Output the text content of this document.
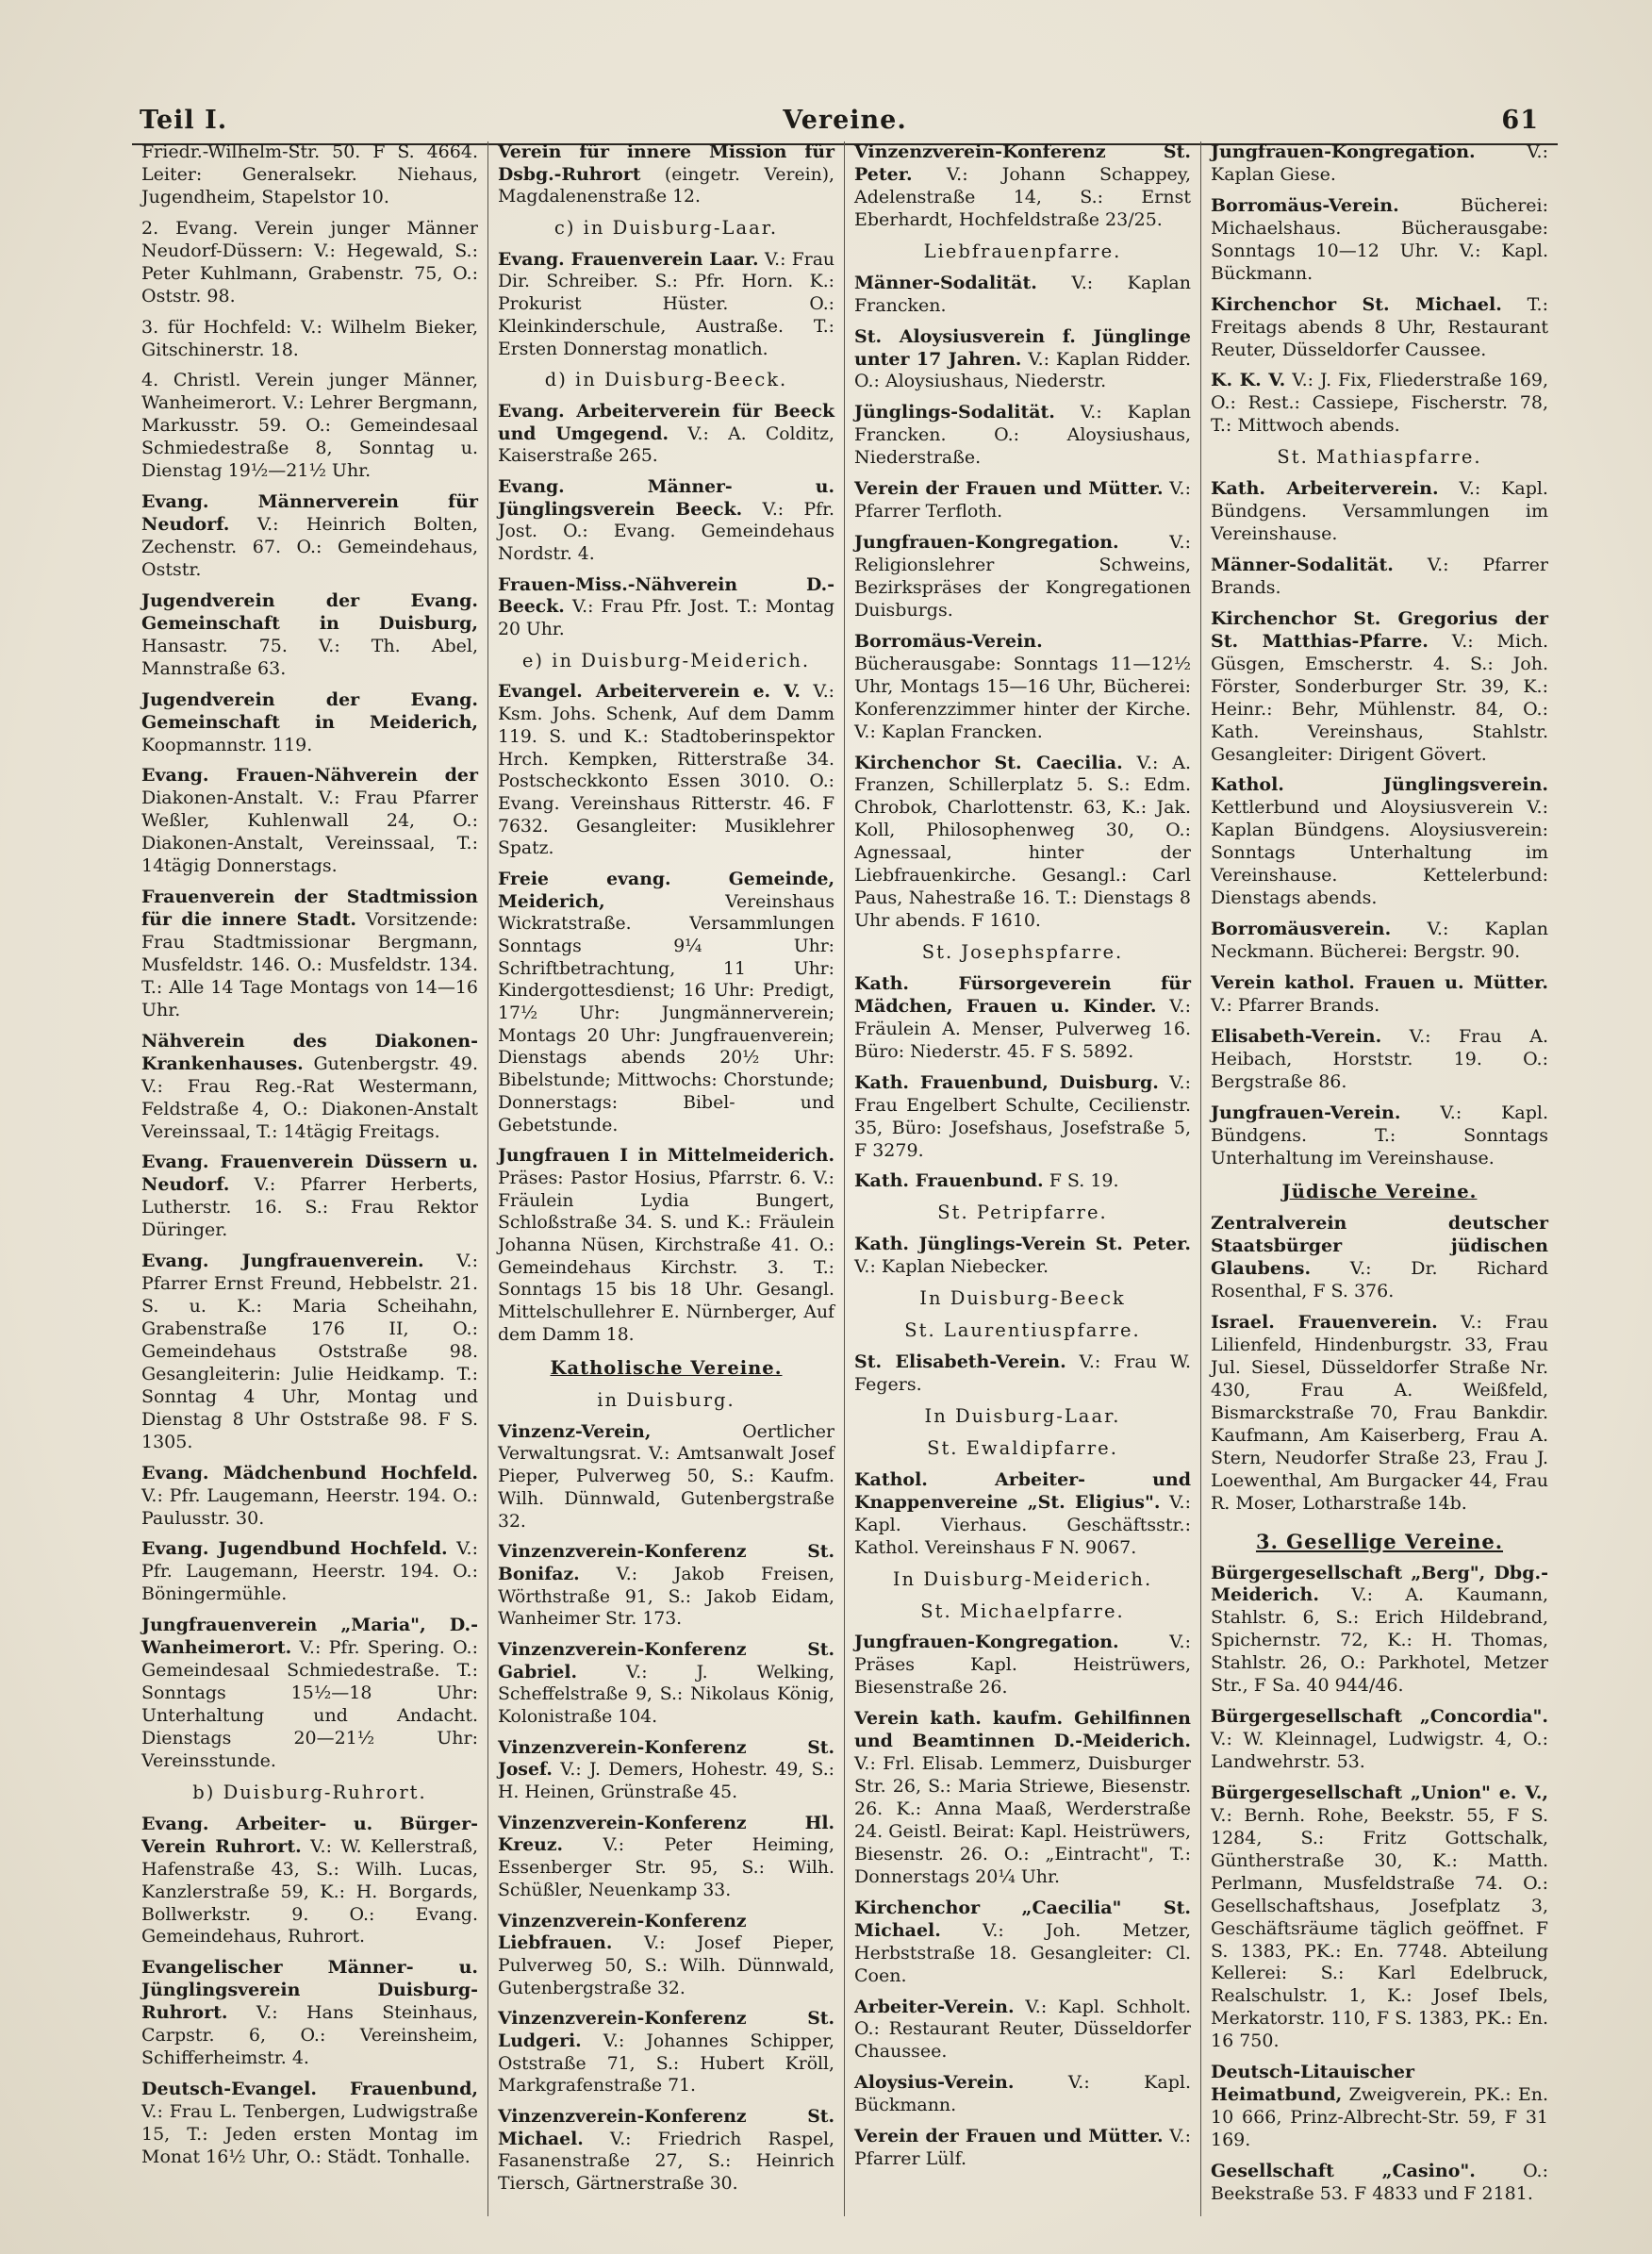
Teil I.	Vereine.	61

Friedr.-Wilhelm-Str. 50. F S. 4664. Leiter: Generalsekr. Niehaus, Jugendheim, Stapelstor 10.

2. Evang. Verein junger Männer Neudorf-Düssern: V.: Hegewald, S.: Peter Kuhlmann, Grabenstr. 75, O.: Oststr. 98.

3. für Hochfeld: V.: Wilhelm Bieker, Gitschinerstr. 18.

4. Christl. Verein junger Männer, Wanheimerort. V.: Lehrer Bergmann, Markusstr. 59. O.: Gemeindesaal Schmiedestraße 8, Sonntag u. Dienstag 19½—21½ Uhr.

Evang. Männerverein für Neudorf. V.: Heinrich Bolten, Zechenstr. 67. O.: Gemeindehaus, Oststr.

Jugendverein der Evang. Gemeinschaft in Duisburg, Hansastr. 75. V.: Th. Abel, Mannstraße 63.

Jugendverein der Evang. Gemeinschaft in Meiderich, Koopmannstr. 119.

Evang. Frauen-Nähverein der Diakonen-Anstalt. V.: Frau Pfarrer Weßler, Kuhlenwall 24, O.: Diakonen-Anstalt, Vereinssaal, T.: 14tägig Donnerstags.

Frauenverein der Stadtmission für die innere Stadt. Vorsitzende: Frau Stadtmissionar Bergmann, Musfeldstr. 146. O.: Musfeldstr. 134. T.: Alle 14 Tage Montags von 14—16 Uhr.

Nähverein des Diakonen-Krankenhauses. Gutenbergstr. 49. V.: Frau Reg.-Rat Westermann, Feldstraße 4, O.: Diakonen-Anstalt Vereinssaal, T.: 14tägig Freitags.

Evang. Frauenverein Düssern u. Neudorf. V.: Pfarrer Herberts, Lutherstr. 16. S.: Frau Rektor Düringer.

Evang. Jungfrauenverein. V.: Pfarrer Ernst Freund, Hebbelstr. 21. S. u. K.: Maria Scheihahn, Grabenstraße 176 II, O.: Gemeindehaus Oststraße 98. Gesangleiterin: Julie Heidkamp. T.: Sonntag 4 Uhr, Montag und Dienstag 8 Uhr Oststraße 98. F S. 1305.

Evang. Mädchenbund Hochfeld. V.: Pfr. Laugemann, Heerstr. 194. O.: Paulusstr. 30.

Evang. Jugendbund Hochfeld. V.: Pfr. Laugemann, Heerstr. 194. O.: Böningermühle.

Jungfrauenverein „Maria", D.-Wanheimerort. V.: Pfr. Spering. O.: Gemeindesaal Schmiedestraße. T.: Sonntags 15½—18 Uhr: Unterhaltung und Andacht. Dienstags 20—21½ Uhr: Vereinsstunde.

b) Duisburg-Ruhrort.

Evang. Arbeiter- u. Bürger-Verein Ruhrort. V.: W. Kellerstraß, Hafenstraße 43, S.: Wilh. Lucas, Kanzlerstraße 59, K.: H. Borgards, Bollwerkstr. 9. O.: Evang. Gemeindehaus, Ruhrort.

Evangelischer Männer- u. Jünglingsverein Duisburg-Ruhrort. V.: Hans Steinhaus, Carpstr. 6, O.: Vereinsheim, Schifferheimstr. 4.

Deutsch-Evangel. Frauenbund, V.: Frau L. Tenbergen, Ludwigstraße 15, T.: Jeden ersten Montag im Monat 16½ Uhr, O.: Städt. Tonhalle.

Verein für innere Mission für Dsbg.-Ruhrort (eingetr. Verein), Magdalenenstraße 12.

c) in Duisburg-Laar.

Evang. Frauenverein Laar. V.: Frau Dir. Schreiber. S.: Pfr. Horn. K.: Prokurist Hüster. O.: Kleinkinderschule, Austraße. T.: Ersten Donnerstag monatlich.

d) in Duisburg-Beeck.

Evang. Arbeiterverein für Beeck und Umgegend. V.: A. Colditz, Kaiserstraße 265.

Evang. Männer- u. Jünglingsverein Beeck. V.: Pfr. Jost. O.: Evang. Gemeindehaus Nordstr. 4.

Frauen-Miss.-Nähverein D.-Beeck. V.: Frau Pfr. Jost. T.: Montag 20 Uhr.

e) in Duisburg-Meiderich.

Evangel. Arbeiterverein e. V. V.: Ksm. Johs. Schenk, Auf dem Damm 119. S. und K.: Stadtoberinspektor Hrch. Kempken, Ritterstraße 34. Postscheckkonto Essen 3010. O.: Evang. Vereinshaus Ritterstr. 46. F 7632. Gesangleiter: Musiklehrer Spatz.

Freie evang. Gemeinde, Meiderich, Vereinshaus Wickratstraße. Versammlungen Sonntags 9¼ Uhr: Schriftbetrachtung, 11 Uhr: Kindergottesdienst; 16 Uhr: Predigt, 17½ Uhr: Jungmännerverein; Montags 20 Uhr: Jungfrauenverein; Dienstags abends 20½ Uhr: Bibelstunde; Mittwochs: Chorstunde; Donnerstags: Bibel- und Gebetstunde.

Jungfrauen I in Mittelmeiderich. Präses: Pastor Hosius, Pfarrstr. 6. V.: Fräulein Lydia Bungert, Schloßstraße 34. S. und K.: Fräulein Johanna Nüsen, Kirchstraße 41. O.: Gemeindehaus Kirchstr. 3. T.: Sonntags 15 bis 18 Uhr. Gesangl. Mittelschullehrer E. Nürnberger, Auf dem Damm 18.

Katholische Vereine.
in Duisburg.

Vinzenz-Verein, Oertlicher Verwaltungsrat. V.: Amtsanwalt Josef Pieper, Pulverweg 50, S.: Kaufm. Wilh. Dünnwald, Gutenbergstraße 32.

Vinzenzverein-Konferenz St. Bonifaz. V.: Jakob Freisen, Wörthstraße 91, S.: Jakob Eidam, Wanheimer Str. 173.

Vinzenzverein-Konferenz St. Gabriel. V.: J. Welking, Scheffelstraße 9, S.: Nikolaus König, Kolonistraße 104.

Vinzenzverein-Konferenz St. Josef. V.: J. Demers, Hohestr. 49, S.: H. Heinen, Grünstraße 45.

Vinzenzverein-Konferenz Hl. Kreuz. V.: Peter Heiming, Essenberger Str. 95, S.: Wilh. Schüßler, Neuenkamp 33.

Vinzenzverein-Konferenz Liebfrauen. V.: Josef Pieper, Pulverweg 50, S.: Wilh. Dünnwald, Gutenbergstraße 32.

Vinzenzverein-Konferenz St. Ludgeri. V.: Johannes Schipper, Oststraße 71, S.: Hubert Kröll, Markgrafenstraße 71.

Vinzenzverein-Konferenz St. Michael. V.: Friedrich Raspel, Fasanenstraße 27, S.: Heinrich Tiersch, Gärtnerstraße 30.

Vinzenzverein-Konferenz St. Peter. V.: Johann Schappey, Adelenstraße 14, S.: Ernst Eberhardt, Hochfeldstraße 23/25.

Liebfrauenpfarre.

Männer-Sodalität. V.: Kaplan Francken.

St. Aloysiusverein f. Jünglinge unter 17 Jahren. V.: Kaplan Ridder. O.: Aloysiushaus, Niederstr.

Jünglings-Sodalität. V.: Kaplan Francken. O.: Aloysiushaus, Niederstraße.

Verein der Frauen und Mütter. V.: Pfarrer Terfloth.

Jungfrauen-Kongregation. V.: Religionslehrer Schweins, Bezirkspräses der Kongregationen Duisburgs.

Borromäus-Verein. Bücherausgabe: Sonntags 11—12½ Uhr, Montags 15—16 Uhr, Bücherei: Konferenzzimmer hinter der Kirche. V.: Kaplan Francken.

Kirchenchor St. Caecilia. V.: A. Franzen, Schillerplatz 5. S.: Edm. Chrobok, Charlottenstr. 63, K.: Jak. Koll, Philosophenweg 30, O.: Agnessaal, hinter der Liebfrauenkirche. Gesangl.: Carl Paus, Nahestraße 16. T.: Dienstags 8 Uhr abends. F 1610.

St. Josephspfarre.

Kath. Fürsorgeverein für Mädchen, Frauen u. Kinder. V.: Fräulein A. Menser, Pulverweg 16. Büro: Niederstr. 45. F S. 5892.

Kath. Frauenbund, Duisburg. V.: Frau Engelbert Schulte, Cecilienstr. 35, Büro: Josefshaus, Josefstraße 5, F 3279.

Kath. Frauenbund. F S. 19.

St. Petripfarre.

Kath. Jünglings-Verein St. Peter. V.: Kaplan Niebecker.

In Duisburg-Beeck
St. Laurentiuspfarre.

St. Elisabeth-Verein. V.: Frau W. Fegers.

In Duisburg-Laar.
St. Ewaldipfarre.

Kathol. Arbeiter- und Knappenvereine „St. Eligius". V.: Kapl. Vierhaus. Geschäftsstr.: Kathol. Vereinshaus F N. 9067.

In Duisburg-Meiderich.
St. Michaelpfarre.

Jungfrauen-Kongregation. V.: Präses Kapl. Heistrüwers, Biesenstraße 26.

Verein kath. kaufm. Gehilfinnen und Beamtinnen D.-Meiderich. V.: Frl. Elisab. Lemmerz, Duisburger Str. 26, S.: Maria Striewe, Biesenstr. 26. K.: Anna Maaß, Werderstraße 24. Geistl. Beirat: Kapl. Heistrüwers, Biesenstr. 26. O.: „Eintracht", T.: Donnerstags 20¼ Uhr.

Kirchenchor „Caecilia" St. Michael. V.: Joh. Metzer, Herbststraße 18. Gesangleiter: Cl. Coen.

Arbeiter-Verein. V.: Kapl. Schholt. O.: Restaurant Reuter, Düsseldorfer Chaussee.

Aloysius-Verein. V.: Kapl. Bückmann.

Verein der Frauen und Mütter. V.: Pfarrer Lülf.

Jungfrauen-Kongregation. V.: Kaplan Giese.

Borromäus-Verein. Bücherei: Michaelshaus. Bücherausgabe: Sonntags 10—12 Uhr. V.: Kapl. Bückmann.

Kirchenchor St. Michael. T.: Freitags abends 8 Uhr, Restaurant Reuter, Düsseldorfer Caussee.

K. K. V. V.: J. Fix, Fliederstraße 169, O.: Rest.: Cassiepe, Fischerstr. 78, T.: Mittwoch abends.

St. Mathiaspfarre.

Kath. Arbeiterverein. V.: Kapl. Bündgens. Versammlungen im Vereinshause.

Männer-Sodalität. V.: Pfarrer Brands.

Kirchenchor St. Gregorius der St. Matthias-Pfarre. V.: Mich. Güsgen, Emscherstr. 4. S.: Joh. Förster, Sonderburger Str. 39, K.: Heinr.: Behr, Mühlenstr. 84, O.: Kath. Vereinshaus, Stahlstr. Gesangleiter: Dirigent Gövert.

Kathol. Jünglingsverein. Kettlerbund und Aloysiusverein V.: Kaplan Bündgens. Aloysiusverein: Sonntags Unterhaltung im Vereinshause. Kettelerbund: Dienstags abends.

Borromäusverein. V.: Kaplan Neckmann. Bücherei: Bergstr. 90.

Verein kathol. Frauen u. Mütter. V.: Pfarrer Brands.

Elisabeth-Verein. V.: Frau A. Heibach, Horststr. 19. O.: Bergstraße 86.

Jungfrauen-Verein. V.: Kapl. Bündgens. T.: Sonntags Unterhaltung im Vereinshause.

Jüdische Vereine.

Zentralverein deutscher Staatsbürger jüdischen Glaubens. V.: Dr. Richard Rosenthal, F S. 376.

Israel. Frauenverein. V.: Frau Lilienfeld, Hindenburgstr. 33, Frau Jul. Siesel, Düsseldorfer Straße Nr. 430, Frau A. Weißfeld, Bismarckstraße 70, Frau Bankdir. Kaufmann, Am Kaiserberg, Frau A. Stern, Neudorfer Straße 23, Frau J. Loewenthal, Am Burgacker 44, Frau R. Moser, Lotharstraße 14b.

3. Gesellige Vereine.

Bürgergesellschaft „Berg", Dbg.-Meiderich. V.: A. Kaumann, Stahlstr. 6, S.: Erich Hildebrand, Spichernstr. 72, K.: H. Thomas, Stahlstr. 26, O.: Parkhotel, Metzer Str., F Sa. 40 944/46.

Bürgergesellschaft „Concordia". V.: W. Kleinnagel, Ludwigstr. 4, O.: Landwehrstr. 53.

Bürgergesellschaft „Union" e. V., V.: Bernh. Rohe, Beekstr. 55, F S. 1284, S.: Fritz Gottschalk, Güntherstraße 30, K.: Matth. Perlmann, Musfeldstraße 74. O.: Gesellschaftshaus, Josefplatz 3, Geschäftsräume täglich geöffnet. F S. 1383, PK.: En. 7748. Abteilung Kellerei: S.: Karl Edelbruck, Realschulstr. 1, K.: Josef Ibels, Merkatorstr. 110, F S. 1383, PK.: En. 16 750.

Deutsch-Litauischer Heimatbund, Zweigverein, PK.: En. 10 666, Prinz-Albrecht-Str. 59, F 31 169.

Gesellschaft „Casino". O.: Beekstraße 53. F 4833 und F 2181.
